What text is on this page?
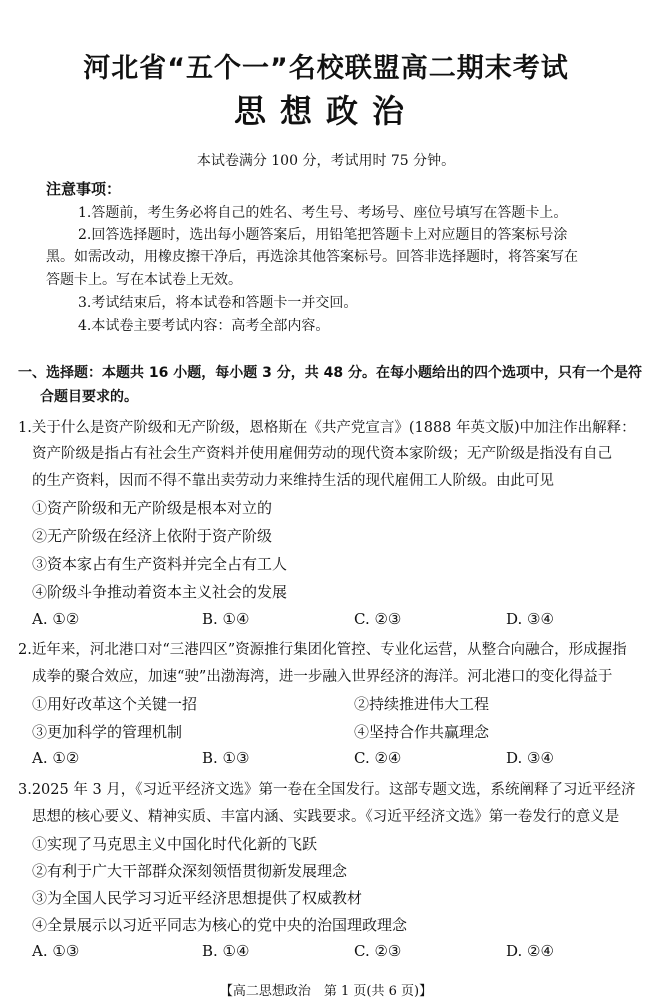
河北省“五个一”名校联盟高二期末考试
思想政治
本试卷满分 100 分，考试用时 75 分钟。
注意事项：
1.答题前，考生务必将自己的姓名、考生号、考场号、座位号填写在答题卡上。
2.回答选择题时，选出每小题答案后，用铅笔把答题卡上对应题目的答案标号涂
黑。如需改动，用橡皮擦干净后，再选涂其他答案标号。回答非选择题时，将答案写在
答题卡上。写在本试卷上无效。
3.考试结束后，将本试卷和答题卡一并交回。
4.本试卷主要考试内容：高考全部内容。
一、选择题：本题共 16 小题，每小题 3 分，共 48 分。在每小题给出的四个选项中，只有一个是符
合题目要求的。
1.关于什么是资产阶级和无产阶级，恩格斯在《共产党宣言》(1888 年英文版)中加注作出解释：
资产阶级是指占有社会生产资料并使用雇佣劳动的现代资本家阶级；无产阶级是指没有自己
的生产资料，因而不得不靠出卖劳动力来维持生活的现代雇佣工人阶级。由此可见
①资产阶级和无产阶级是根本对立的
②无产阶级在经济上依附于资产阶级
③资本家占有生产资料并完全占有工人
④阶级斗争推动着资本主义社会的发展
A. ①②	B. ①④	C. ②③	D. ③④
2.近年来，河北港口对“三港四区”资源推行集团化管控、专业化运营，从整合向融合，形成握指
成拳的聚合效应，加速“驶”出渤海湾，进一步融入世界经济的海洋。河北港口的变化得益于
①用好改革这个关键一招	②持续推进伟大工程
③更加科学的管理机制	④坚持合作共赢理念
A. ①②	B. ①③	C. ②④	D. ③④
3.2025 年 3 月，《习近平经济文选》第一卷在全国发行。这部专题文选，系统阐释了习近平经济
思想的核心要义、精神实质、丰富内涵、实践要求。《习近平经济文选》第一卷发行的意义是
①实现了马克思主义中国化时代化新的飞跃
②有利于广大干部群众深刻领悟贯彻新发展理念
③为全国人民学习习近平经济思想提供了权威教材
④全景展示以习近平同志为核心的党中央的治国理政理念
A. ①③	B. ①④	C. ②③	D. ②④
【高二思想政治　第 1 页(共 6 页)】
